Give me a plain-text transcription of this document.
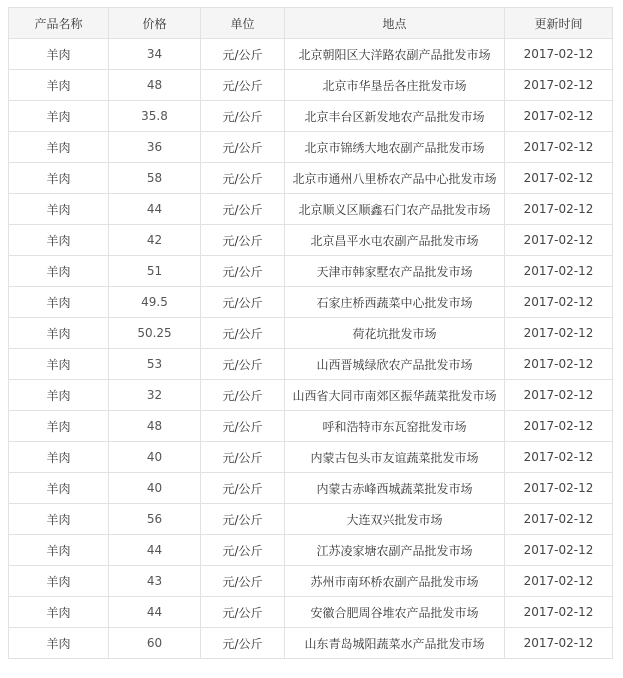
产品名称	价格	单位	地点	更新时间
羊肉	34	元/公斤	北京朝阳区大洋路农副产品批发市场	2017-02-12
羊肉	48	元/公斤	北京市华垦岳各庄批发市场	2017-02-12
羊肉	35.8	元/公斤	北京丰台区新发地农产品批发市场	2017-02-12
羊肉	36	元/公斤	北京市锦绣大地农副产品批发市场	2017-02-12
羊肉	58	元/公斤	北京市通州八里桥农产品中心批发市场	2017-02-12
羊肉	44	元/公斤	北京顺义区顺鑫石门农产品批发市场	2017-02-12
羊肉	42	元/公斤	北京昌平水屯农副产品批发市场	2017-02-12
羊肉	51	元/公斤	天津市韩家墅农产品批发市场	2017-02-12
羊肉	49.5	元/公斤	石家庄桥西蔬菜中心批发市场	2017-02-12
羊肉	50.25	元/公斤	荷花坑批发市场	2017-02-12
羊肉	53	元/公斤	山西晋城绿欣农产品批发市场	2017-02-12
羊肉	32	元/公斤	山西省大同市南郊区振华蔬菜批发市场	2017-02-12
羊肉	48	元/公斤	呼和浩特市东瓦窑批发市场	2017-02-12
羊肉	40	元/公斤	内蒙古包头市友谊蔬菜批发市场	2017-02-12
羊肉	40	元/公斤	内蒙古赤峰西城蔬菜批发市场	2017-02-12
羊肉	56	元/公斤	大连双兴批发市场	2017-02-12
羊肉	44	元/公斤	江苏凌家塘农副产品批发市场	2017-02-12
羊肉	43	元/公斤	苏州市南环桥农副产品批发市场	2017-02-12
羊肉	44	元/公斤	安徽合肥周谷堆农产品批发市场	2017-02-12
羊肉	60	元/公斤	山东青岛城阳蔬菜水产品批发市场	2017-02-12
